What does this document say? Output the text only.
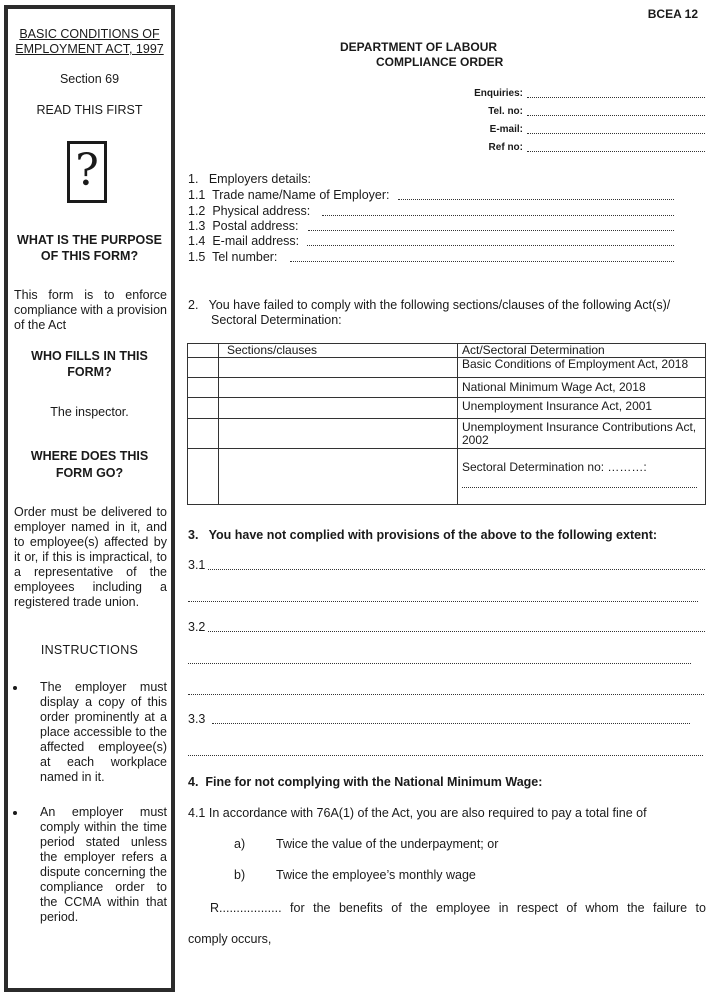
BASIC CONDITIONS OF
EMPLOYMENT ACT, 1997
Section 69
READ THIS FIRST
?
WHAT IS THE PURPOSE
OF THIS FORM?
This form is to enforce compliance with a provision of the Act
WHO FILLS IN THIS
FORM?
The inspector.
WHERE DOES THIS
FORM GO?
Order must be delivered to employer named in it, and to employee(s) affected by it or, if this is impractical, to a representative of the employees including a registered trade union.
INSTRUCTIONS
The employer must display a copy of this order prominently at a place accessible to the affected employee(s) at each workplace named in it.
An employer must comply within the time period stated unless the employer refers a dispute concerning the compliance order to the CCMA within that period.
BCEA 12
DEPARTMENT OF LABOUR
COMPLIANCE ORDER
Enquiries:
Tel. no:
E-mail:
Ref no:
1.   Employers details:
1.1  Trade name/Name of Employer:
1.2  Physical address:
1.3  Postal address:
1.4  E-mail address:
1.5  Tel number:
2.   You have failed to comply with the following sections/clauses of the following Act(s)/
Sectoral Determination:
	Sections/clauses	Act/Sectoral Determination
		Basic Conditions of Employment Act, 2018
		National Minimum Wage Act, 2018
		Unemployment Insurance Act, 2001
		Unemployment Insurance Contributions Act, 2002
		Sectoral Determination no: ………:
3.   You have not complied with provisions of the above to the following extent:
3.1
3.2
3.3
4.  Fine for not complying with the National Minimum Wage:
4.1 In accordance with 76A(1) of the Act, you are also required to pay a total fine of
a) Twice the value of the underpayment; or
b) Twice the employee’s monthly wage
R.................. for the benefits of the employee in respect of whom the failure to
comply occurs,
